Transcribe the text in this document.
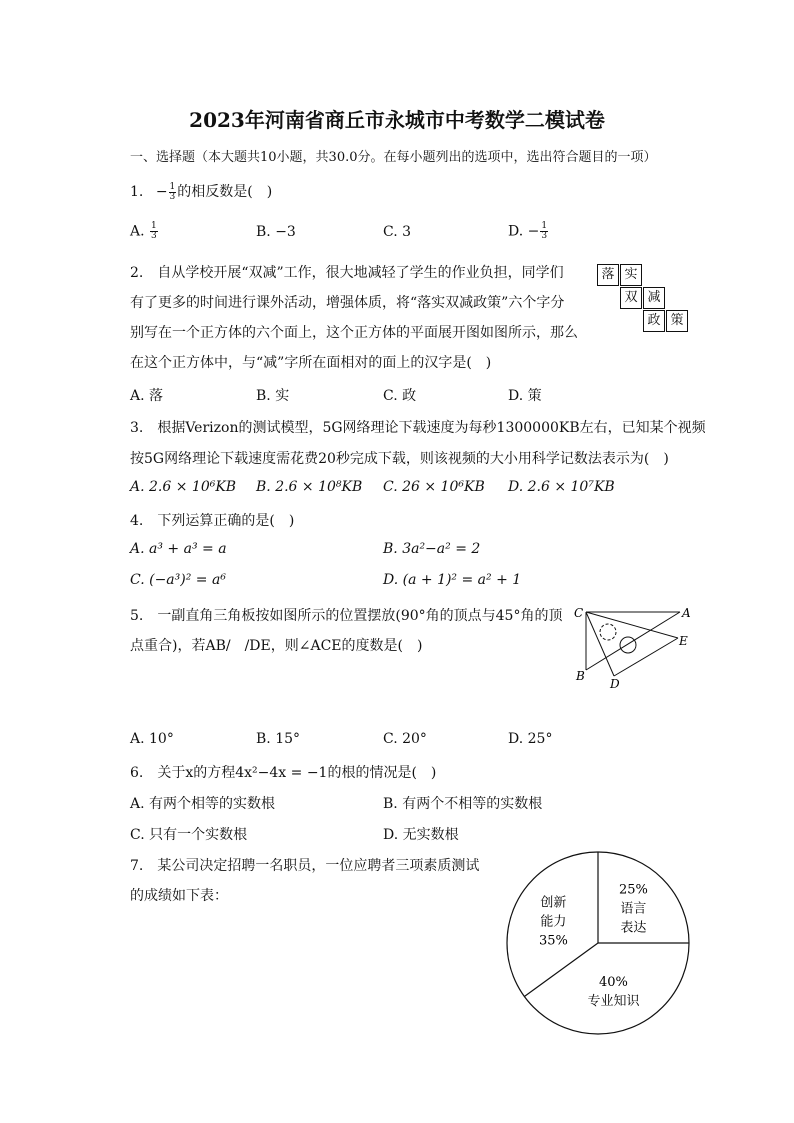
2023年河南省商丘市永城市中考数学二模试卷
一、选择题（本大题共10小题，共30.0分。在每小题列出的选项中，选出符合题目的一项）
1. − $\frac{1}{3}$ 的相反数是(　)
A. $\frac{1}{3}$	B. −3	C. 3	D. − $\frac{1}{3}$
2.　自从学校开展“双减”工作，很大地减轻了学生的作业负担，同学们
有了更多的时间进行课外活动，增强体质，将“落实双减政策”六个字分
别写在一个正方体的六个面上，这个正方体的平面展开图如图所示，那么
在这个正方体中，与“减”字所在面相对的面上的汉字是(　)
A. 落	B. 实	C. 政	D. 策
落 实
双 减
政 策
3.　根据Verizon的测试模型，5G网络理论下载速度为每秒1300000KB左右，已知某个视频
按5G网络理论下载速度需花费20秒完成下载，则该视频的大小用科学记数法表示为(　)
A. 2.6 × 10⁶KB B. 2.6 × 10⁸KB C. 26 × 10⁶KB D. 2.6 × 10⁷KB
4.　下列运算正确的是(　)
A. a³ + a³ = a	B. 3a²−a² = 2
C. (−a³)² = a⁶	D. (a + 1)² = a² + 1
5.　一副直角三角板按如图所示的位置摆放(90°角的顶点与45°角的顶
点重合)，若AB/　/DE，则∠ACE的度数是(　)
C	A
E
B
D
A. 10°	B. 15°	C. 20°	D. 25°
6.　关于x的方程4x²−4x = −1的根的情况是(　)
A. 有两个相等的实数根	B. 有两个不相等的实数根
C. 只有一个实数根	D. 无实数根
7.　某公司决定招聘一名职员，一位应聘者三项素质测试
的成绩如下表：	25%
语言
表达
40%
专业知识
创新
能力
35%
